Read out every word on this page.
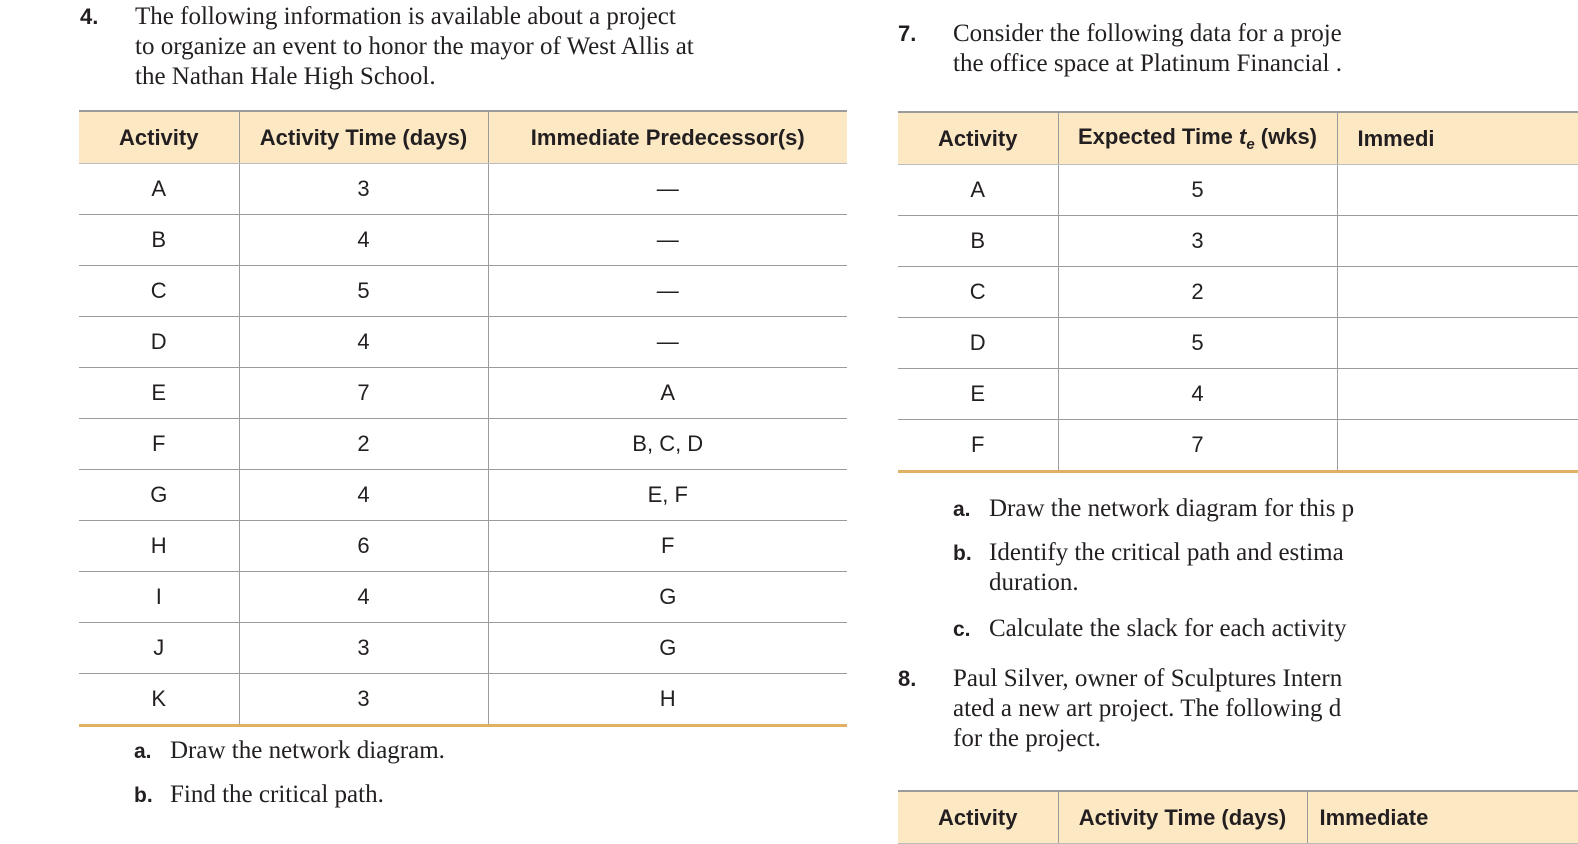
4. The following information is available about a project
to organize an event to honor the mayor of West Allis at
the Nathan Hale High School.
Activity	Activity Time (days)	Immediate Predecessor(s)
A	3	—
B	4	—
C	5	—
D	4	—
E	7	A
F	2	B, C, D
G	4	E, F
H	6	F
I	4	G
J	3	G
K	3	H
a. Draw the network diagram.
b. Find the critical path.
7. Consider the following data for a proje
the office space at Platinum Financial .
Activity	Expected Time $t_e$ (wks)	Immedi
A	5	
B	3	
C	2	
D	5	
E	4	
F	7	
a. Draw the network diagram for this p
b. Identify the critical path and estima
duration.
c. Calculate the slack for each activity
8. Paul Silver, owner of Sculptures Intern
ated a new art project. The following d
for the project.
Activity	Activity Time (days)	Immediate
